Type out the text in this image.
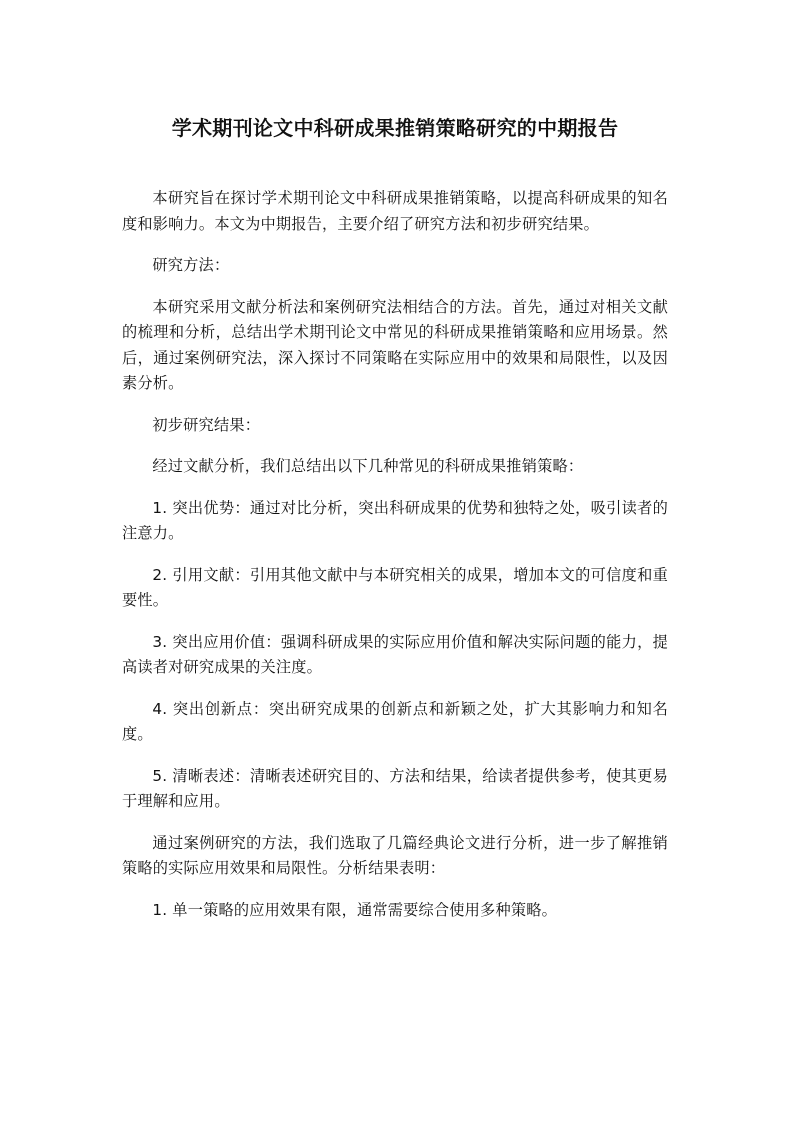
学术期刊论文中科研成果推销策略研究的中期报告

本研究旨在探讨学术期刊论文中科研成果推销策略，以提高科研成果的知名度和影响力。本文为中期报告，主要介绍了研究方法和初步研究结果。

研究方法：

本研究采用文献分析法和案例研究法相结合的方法。首先，通过对相关文献的梳理和分析，总结出学术期刊论文中常见的科研成果推销策略和应用场景。然后，通过案例研究法，深入探讨不同策略在实际应用中的效果和局限性，以及因素分析。

初步研究结果：

经过文献分析，我们总结出以下几种常见的科研成果推销策略：

1. 突出优势：通过对比分析，突出科研成果的优势和独特之处，吸引读者的注意力。

2. 引用文献：引用其他文献中与本研究相关的成果，增加本文的可信度和重要性。

3. 突出应用价值：强调科研成果的实际应用价值和解决实际问题的能力，提高读者对研究成果的关注度。

4. 突出创新点：突出研究成果的创新点和新颖之处，扩大其影响力和知名度。

5. 清晰表述：清晰表述研究目的、方法和结果，给读者提供参考，使其更易于理解和应用。

通过案例研究的方法，我们选取了几篇经典论文进行分析，进一步了解推销策略的实际应用效果和局限性。分析结果表明：

1. 单一策略的应用效果有限，通常需要综合使用多种策略。
